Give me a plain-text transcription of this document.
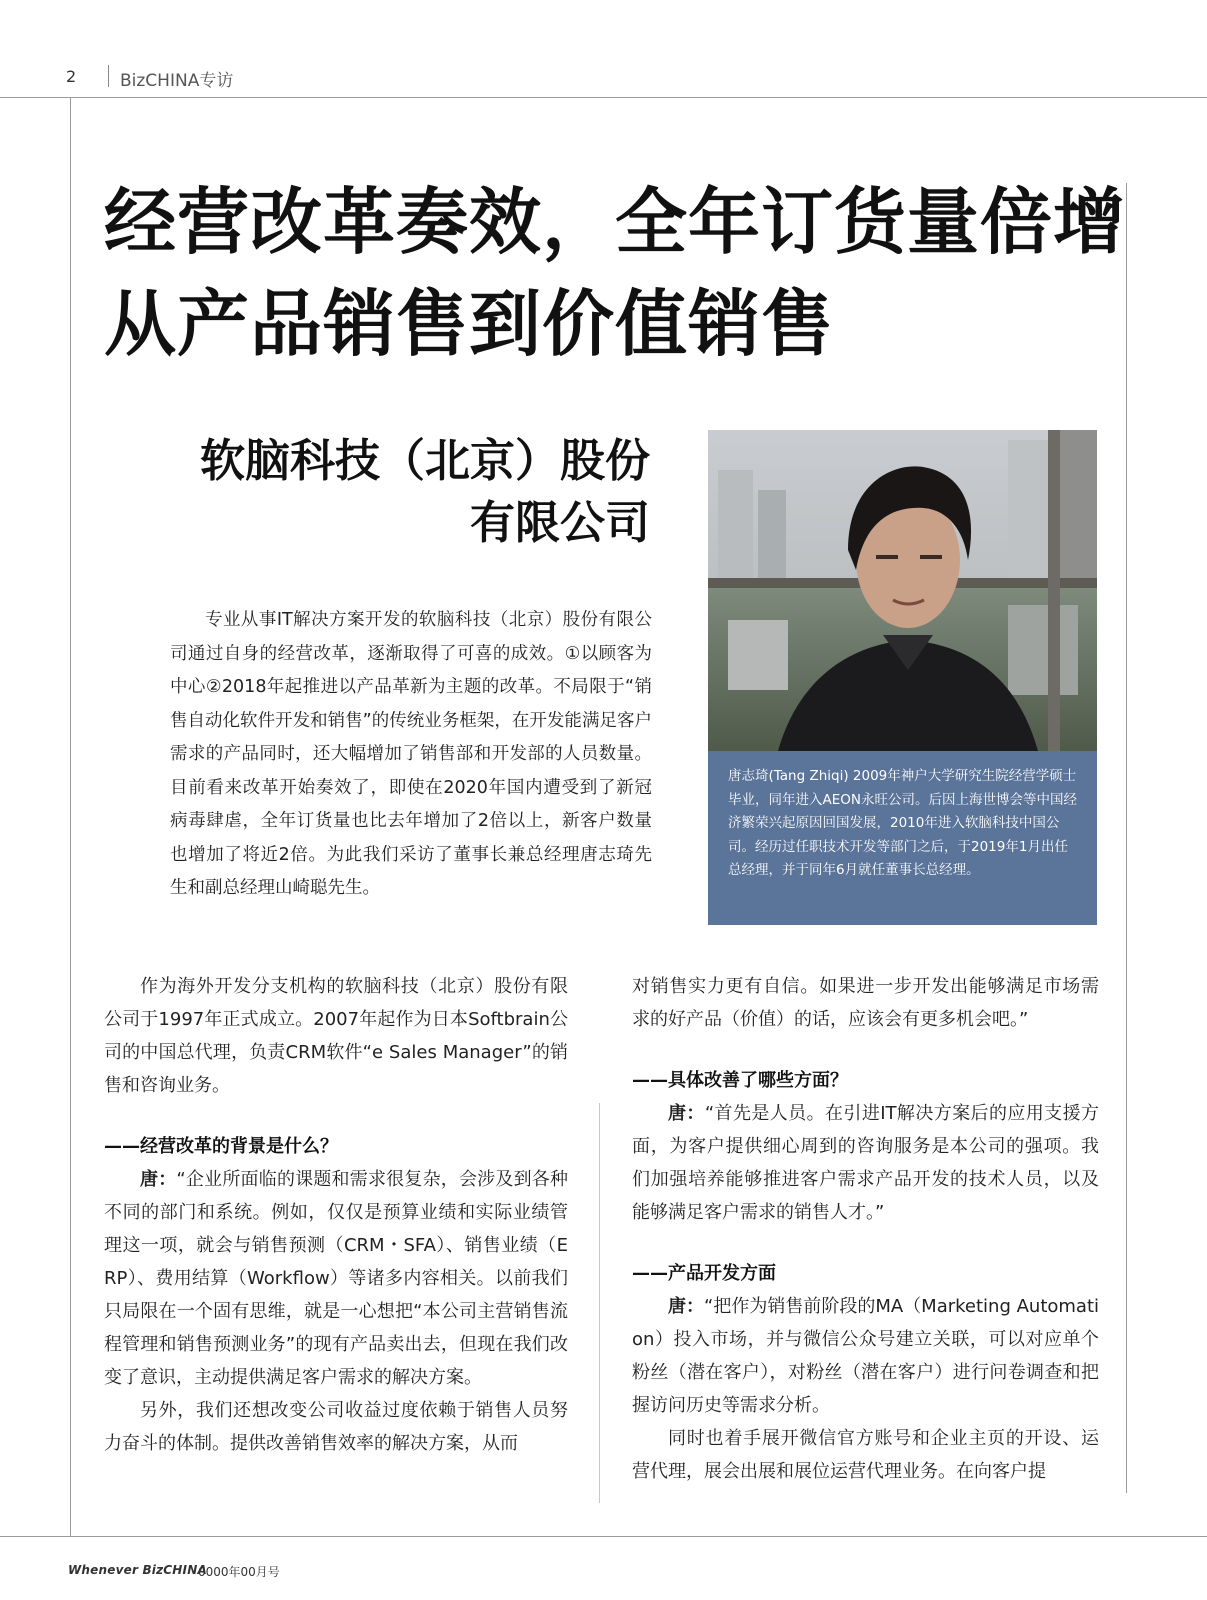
2	BizCHINA专访
经营改革奏效，全年订货量倍增
从产品销售到价值销售
软脑科技（北京）股份
有限公司

专业从事IT解决方案开发的软脑科技（北京）股份有限公司通过自身的经营改革，逐渐取得了可喜的成效。①以顾客为中心②2018年起推进以产品革新为主题的改革。不局限于“销售自动化软件开发和销售”的传统业务框架，在开发能满足客户需求的产品同时，还大幅增加了销售部和开发部的人员数量。目前看来改革开始奏效了，即使在2020年国内遭受到了新冠病毒肆虐，全年订货量也比去年增加了2倍以上，新客户数量也增加了将近2倍。为此我们采访了董事长兼总经理唐志琦先生和副总经理山崎聪先生。

唐志琦(Tang Zhiqi) 2009年神户大学研究生院经营学硕士毕业，同年进入AEON永旺公司。后因上海世博会等中国经济繁荣兴起原因回国发展，2010年进入软脑科技中国公司。经历过任职技术开发等部门之后，于2019年1月出任总经理，并于同年6月就任董事长总经理。

作为海外开发分支机构的软脑科技（北京）股份有限公司于1997年正式成立。2007年起作为日本Softbrain公司的中国总代理，负责CRM软件“e Sales Manager”的销售和咨询业务。

——经营改革的背景是什么？

唐：“企业所面临的课题和需求很复杂，会涉及到各种不同的部门和系统。例如，仅仅是预算业绩和实际业绩管理这一项，就会与销售预测（CRM・SFA）、销售业绩（ERP）、费用结算（Workflow）等诸多内容相关。以前我们只局限在一个固有思维，就是一心想把“本公司主营销售流程管理和销售预测业务”的现有产品卖出去，但现在我们改变了意识，主动提供满足客户需求的解决方案。

另外，我们还想改变公司收益过度依赖于销售人员努力奋斗的体制。提供改善销售效率的解决方案，从而

对销售实力更有自信。如果进一步开发出能够满足市场需求的好产品（价值）的话，应该会有更多机会吧。”

——具体改善了哪些方面？

唐：“首先是人员。在引进IT解决方案后的应用支援方面，为客户提供细心周到的咨询服务是本公司的强项。我们加强培养能够推进客户需求产品开发的技术人员，以及能够满足客户需求的销售人才。”

——产品开发方面

唐：“把作为销售前阶段的MA（Marketing Automation）投入市场，并与微信公众号建立关联，可以对应单个粉丝（潜在客户），对粉丝（潜在客户）进行问卷调查和把握访问历史等需求分析。

同时也着手展开微信官方账号和企业主页的开设、运营代理，展会出展和展位运营代理业务。在向客户提

Whenever BizCHINA
0000年00月号
